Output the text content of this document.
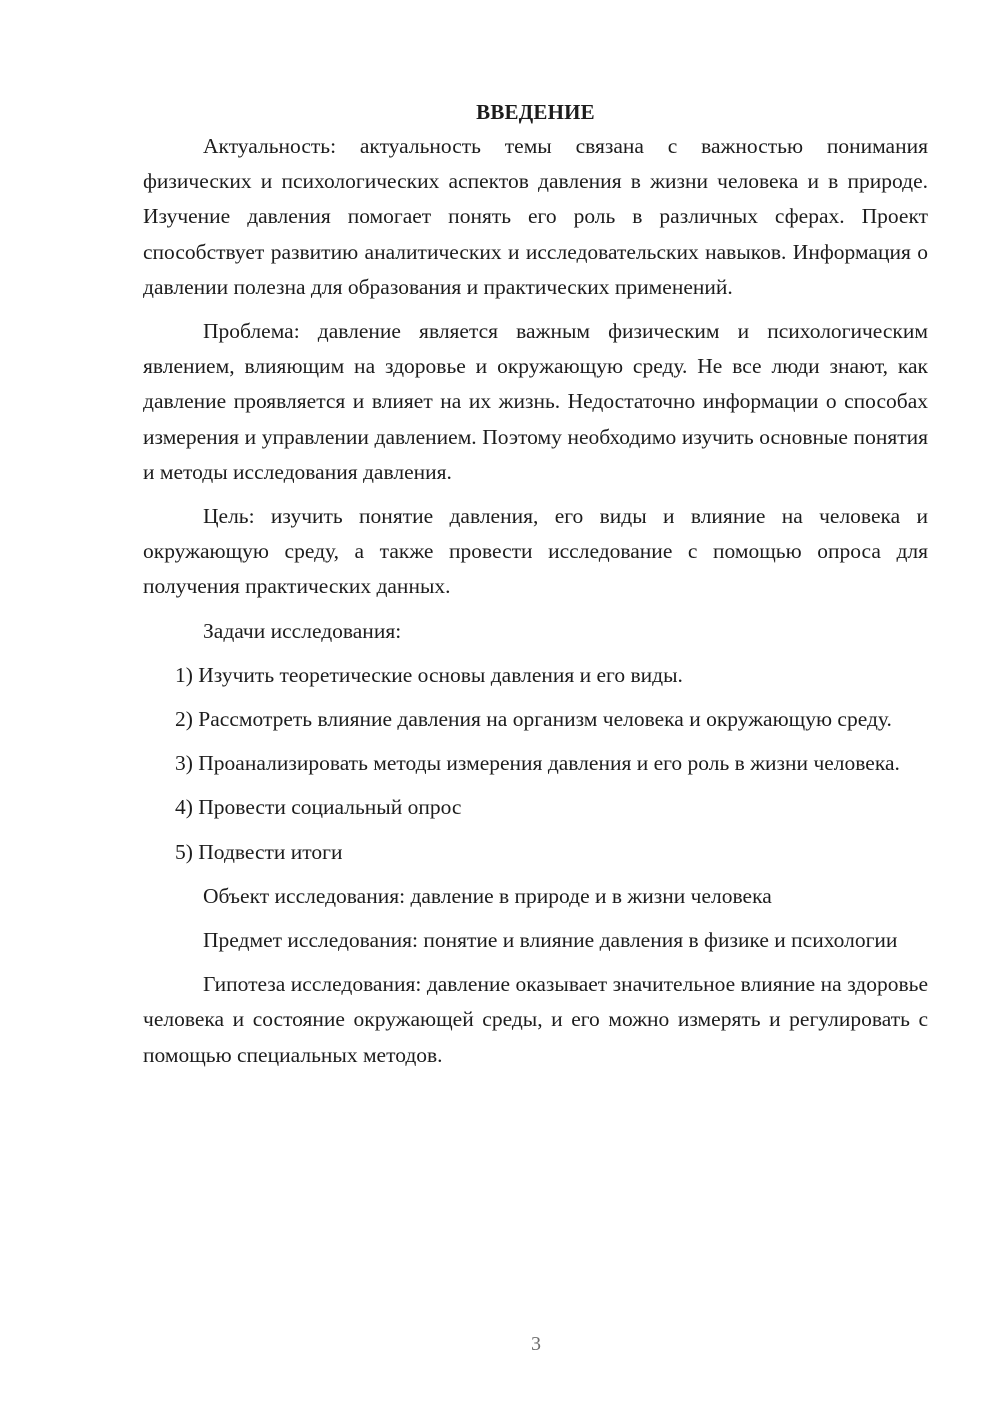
ВВЕДЕНИЕ

Актуальность: актуальность темы связана с важностью понимания физических и психологических аспектов давления в жизни человека и в природе. Изучение давления помогает понять его роль в различных сферах. Проект способствует развитию аналитических и исследовательских навыков. Информация о давлении полезна для образования и практических применений.

Проблема: давление является важным физическим и психологическим явлением, влияющим на здоровье и окружающую среду. Не все люди знают, как давление проявляется и влияет на их жизнь. Недостаточно информации о способах измерения и управлении давлением. Поэтому необходимо изучить основные понятия и методы исследования давления.

Цель: изучить понятие давления, его виды и влияние на человека и окружающую среду, а также провести исследование с помощью опроса для получения практических данных.

Задачи исследования:

1) Изучить теоретические основы давления и его виды.

2) Рассмотреть влияние давления на организм человека и окружающую среду.

3) Проанализировать методы измерения давления и его роль в жизни человека.

4) Провести социальный опрос

5) Подвести итоги

Объект исследования: давление в природе и в жизни человека

Предмет исследования: понятие и влияние давления в физике и психологии

Гипотеза исследования: давление оказывает значительное влияние на здоровье человека и состояние окружающей среды, и его можно измерять и регулировать с помощью специальных методов.

3
